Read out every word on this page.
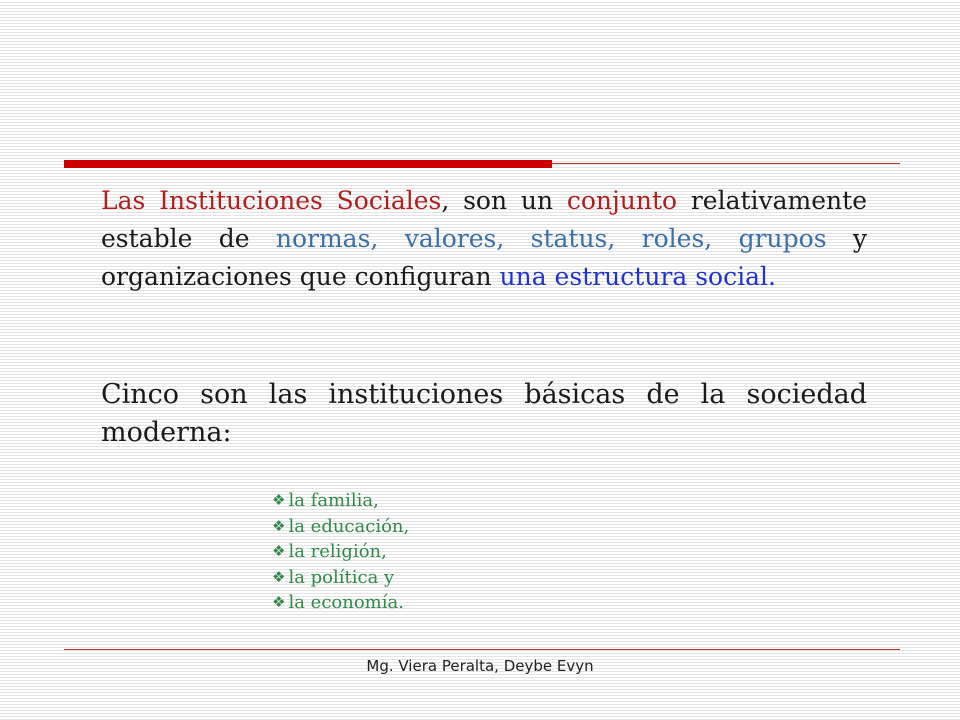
Las Instituciones Sociales, son un conjunto relativamente estable de normas, valores, status, roles, grupos y organizaciones que configuran una estructura social.

Cinco son las instituciones básicas de la sociedad moderna:

❖ la familia,
❖ la educación,
❖ la religión,
❖ la política y
❖ la economía.
Mg. Viera Peralta, Deybe Evyn
